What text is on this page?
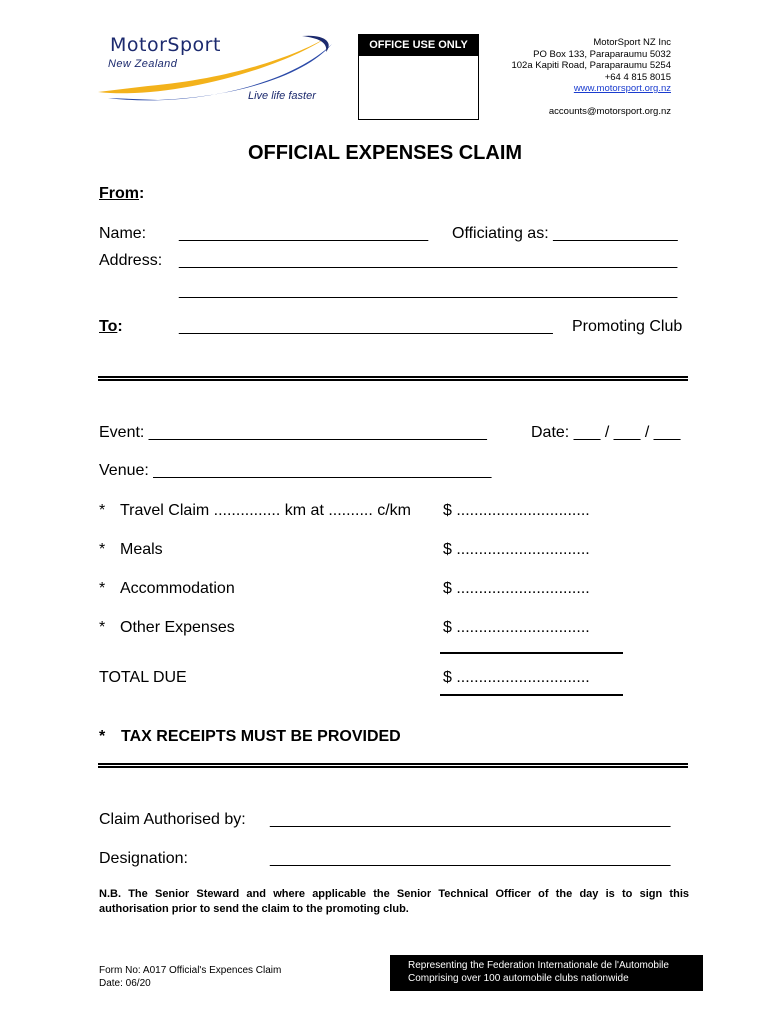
MotorSport
New Zealand
Live life faster
OFFICE USE ONLY	MotorSport NZ Inc
PO Box 133, Paraparaumu 5032
102a Kapiti Road, Paraparaumu 5254
+64 4 815 8015
www.motorsport.org.nz
accounts@motorsport.org.nz
OFFICIAL EXPENSES CLAIM
From:
Name: ____________________________ Officiating as: ______________
Address: ________________________________________________________
________________________________________________________
To:	__________________________________________ Promoting Club
Event: ______________________________________	Date: ___ / ___ / ___
Venue: ______________________________________
* Travel Claim ............... km at .......... c/km $ ..............................
* Meals	$ ..............................
* Accommodation	$ ..............................
* Other Expenses	$ ..............................
TOTAL DUE	$ ..............................
* TAX RECEIPTS MUST BE PROVIDED
Claim Authorised by: _____________________________________________
Designation:	_____________________________________________
N.B. The Senior Steward and where applicable the Senior Technical Officer of the day is to sign this authorisation prior to send the claim to the promoting club.
Form No: A017 Official's Expences Claim
Date: 06/20
Representing the Federation Internationale de l'Automobile
Comprising over 100 automobile clubs nationwide
